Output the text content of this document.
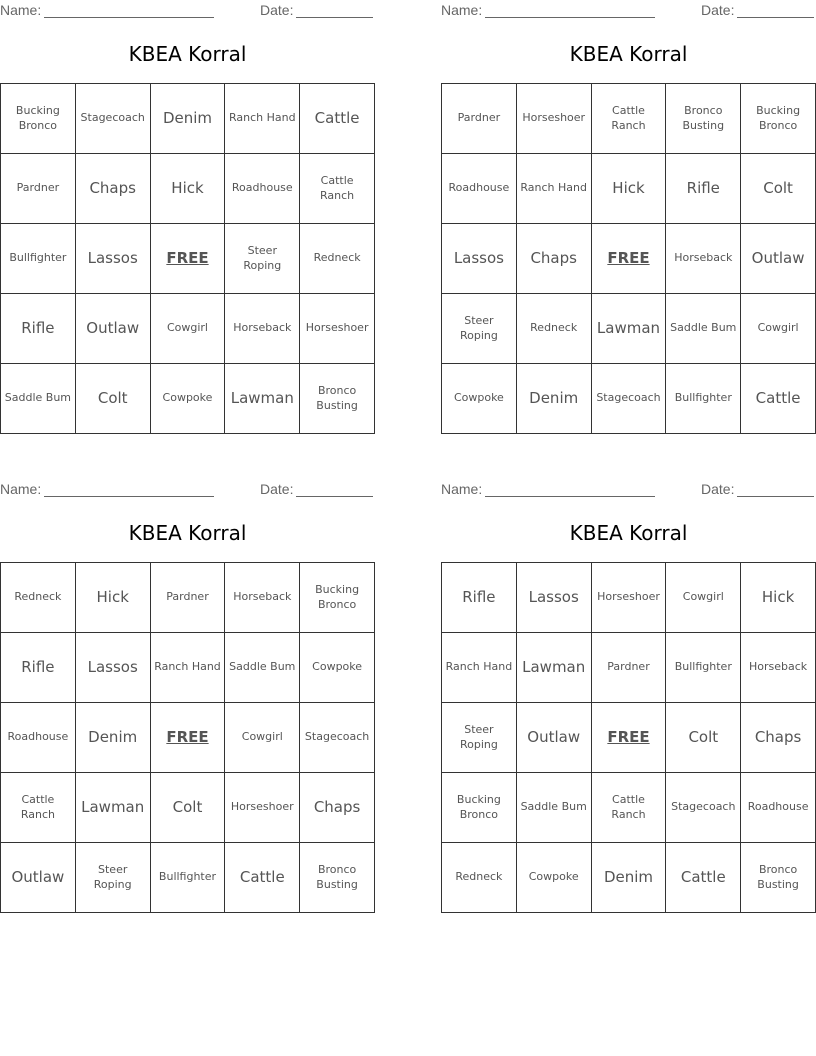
Name:	Date:
KBEA Korral
Bucking Bronco	Stagecoach	Denim	Ranch Hand	Cattle
Pardner	Chaps	Hick	Roadhouse	Cattle Ranch
Bullfighter	Lassos	FREE	Steer Roping	Redneck
Rifle	Outlaw	Cowgirl	Horseback	Horseshoer
Saddle Bum	Colt	Cowpoke	Lawman	Bronco Busting
Name:	Date:
KBEA Korral
Pardner	Horseshoer	Cattle Ranch	Bronco Busting	Bucking Bronco
Roadhouse	Ranch Hand	Hick	Rifle	Colt
Lassos	Chaps	FREE	Horseback	Outlaw
Steer Roping	Redneck	Lawman	Saddle Bum	Cowgirl
Cowpoke	Denim	Stagecoach	Bullfighter	Cattle
Name:	Date:
KBEA Korral
Redneck	Hick	Pardner	Horseback	Bucking Bronco
Rifle	Lassos	Ranch Hand	Saddle Bum	Cowpoke
Roadhouse	Denim	FREE	Cowgirl	Stagecoach
Cattle Ranch	Lawman	Colt	Horseshoer	Chaps
Outlaw	Steer Roping	Bullfighter	Cattle	Bronco Busting
Name:	Date:
KBEA Korral
Rifle	Lassos	Horseshoer	Cowgirl	Hick
Ranch Hand	Lawman	Pardner	Bullfighter	Horseback
Steer Roping	Outlaw	FREE	Colt	Chaps
Bucking Bronco	Saddle Bum	Cattle Ranch	Stagecoach	Roadhouse
Redneck	Cowpoke	Denim	Cattle	Bronco Busting
